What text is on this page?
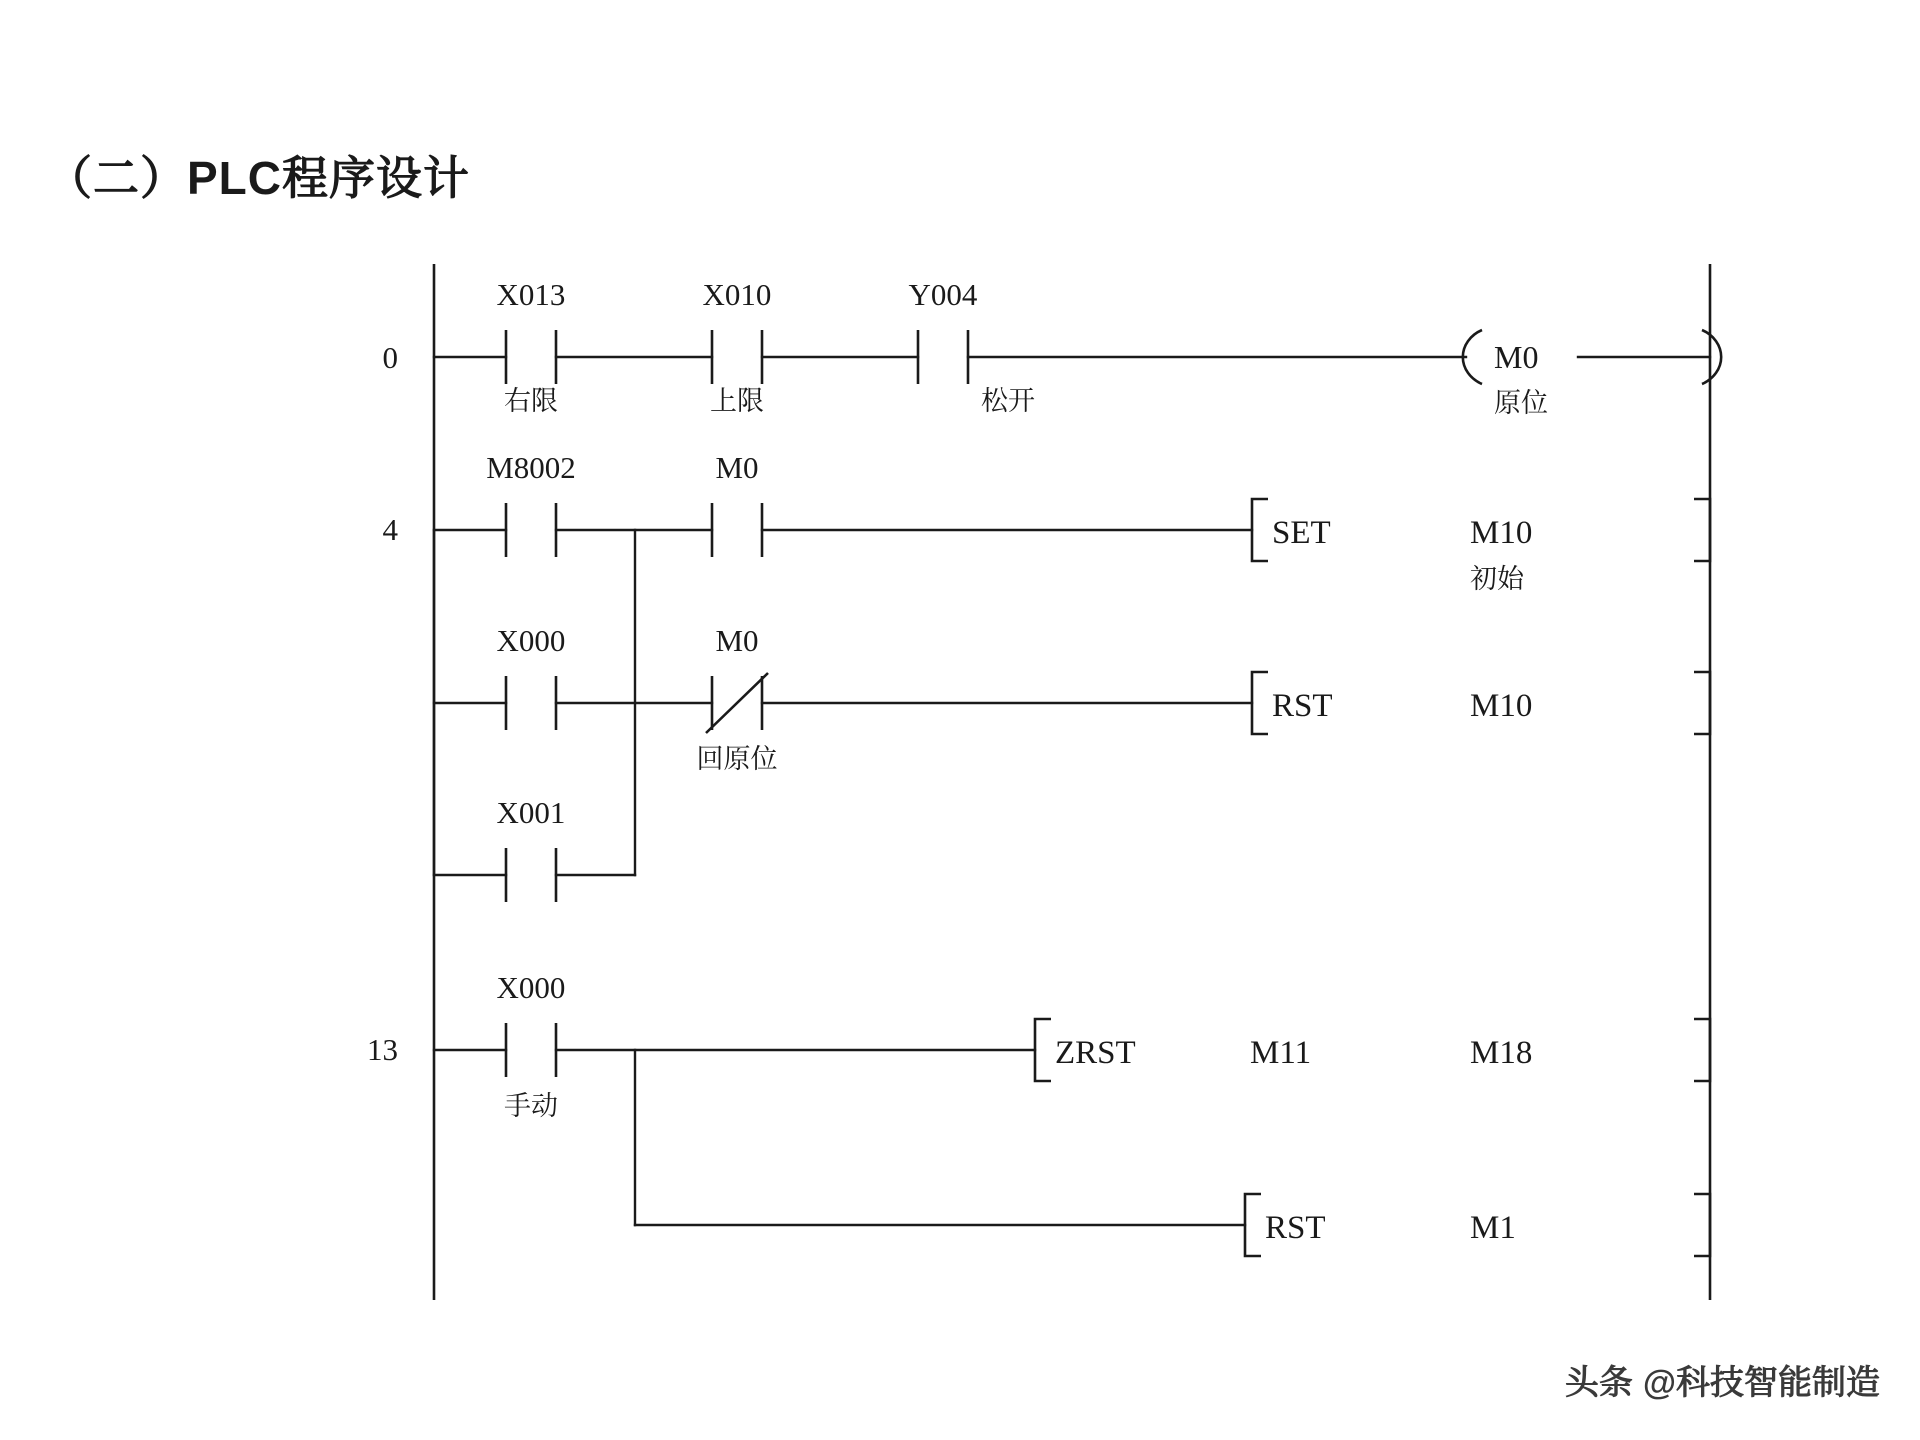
（二）PLC程序设计
0
X013
右限
X010
上限
Y004
松开
M0
原位
4
M8002	M0
SET	M10
初始
X000	M0
回原位
RST	M10
X001
13
X000
手动
ZRST	M11	M18
RST	M1
头条 @科技智能制造
